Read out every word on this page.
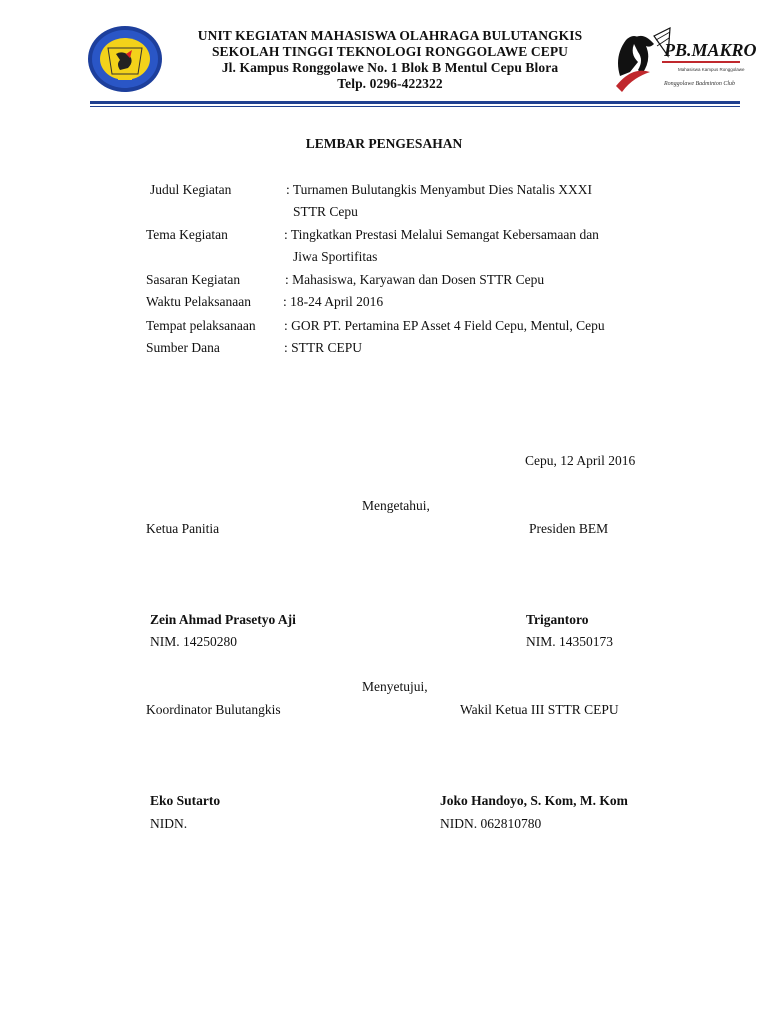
UNIT KEGIATAN MAHASISWA OLAHRAGA BULUTANGKIS
SEKOLAH TINGGI TEKNOLOGI RONGGOLAWE CEPU
Jl. Kampus Ronggolawe No. 1 Blok B Mentul Cepu Blora
Telp. 0296-422322
PB.MAKRO
Mahasiswa Kampus Ronggolawe
Ronggolawe Badminton Club
LEMBAR PENGESAHAN
Judul Kegiatan	: Turnamen Bulutangkis Menyambut Dies Natalis XXXI
STTR Cepu
Tema Kegiatan	: Tingkatkan Prestasi Melalui Semangat Kebersamaan dan
Jiwa Sportifitas
Sasaran Kegiatan	: Mahasiswa, Karyawan dan Dosen STTR Cepu
Waktu Pelaksanaan : 18-24 April 2016
Tempat pelaksanaan : GOR PT. Pertamina EP Asset 4 Field Cepu, Mentul, Cepu
Sumber Dana	: STTR CEPU
Cepu, 12 April 2016
Mengetahui,
Ketua Panitia	Presiden BEM
Zein Ahmad Prasetyo Aji	Trigantoro
NIM. 14250280	NIM. 14350173
Menyetujui,
Koordinator Bulutangkis	Wakil Ketua III STTR CEPU
Eko Sutarto	Joko Handoyo, S. Kom, M. Kom
NIDN.	NIDN. 062810780
